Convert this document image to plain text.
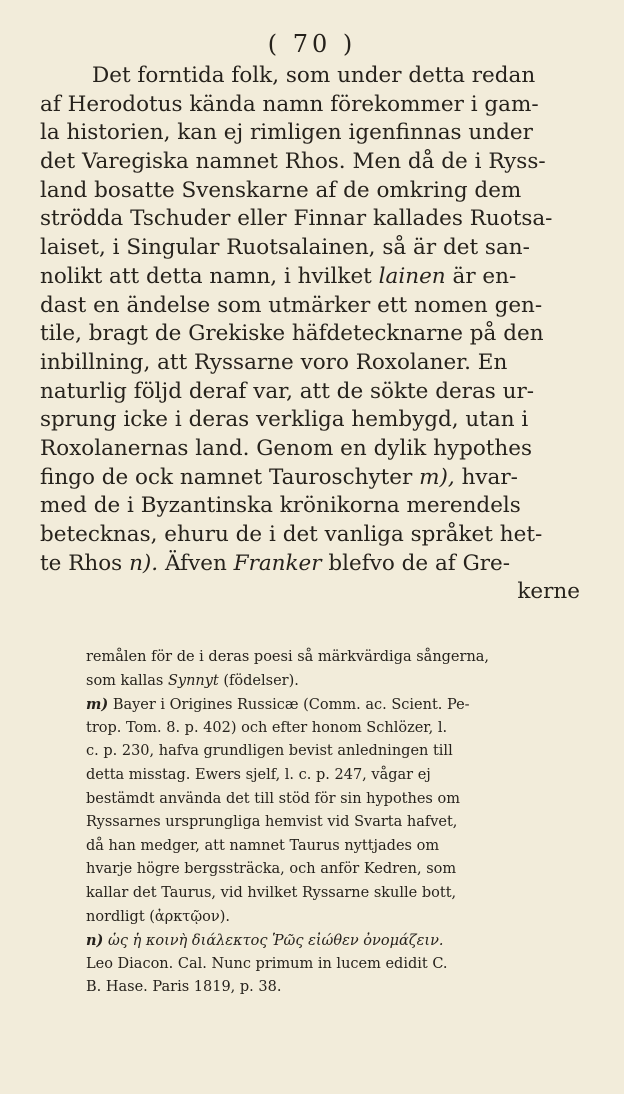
( 70 )
Det forntida folk, som under detta redan
af Herodotus kända namn förekommer i gam-
la historien, kan ej rimligen igenfinnas under
det Varegiska namnet Rhos. Men då de i Ryss-
land bosatte Svenskarne af de omkring dem
strödda Tschuder eller Finnar kallades Ruotsa-
laiset, i Singular Ruotsalainen, så är det san-
nolikt att detta namn, i hvilket lainen är en-
dast en ändelse som utmärker ett nomen gen-
tile, bragt de Grekiske häfdetecknarne på den
inbillning, att Ryssarne voro Roxolaner. En
naturlig följd deraf var, att de sökte deras ur-
sprung icke i deras verkliga hembygd, utan i
Roxolanernas land. Genom en dylik hypothes
fingo de ock namnet Tauroschyter m), hvar-
med de i Byzantinska krönikorna merendels
betecknas, ehuru de i det vanliga språket het-
te Rhos n). Äfven Franker blefvo de af Gre-
kerne
remålen för de i deras poesi så märkvärdiga sångerna,
som kallas Synnyt (födelser).
m) Bayer i Origines Russicæ (Comm. ac. Scient. Pe-
trop. Tom. 8. p. 402) och efter honom Schlözer, l.
c. p. 230, hafva grundligen bevist anledningen till
detta misstag. Ewers sjelf, l. c. p. 247, vågar ej
bestämdt använda det till stöd för sin hypothes om
Ryssarnes ursprungliga hemvist vid Svarta hafvet,
då han medger, att namnet Taurus nyttjades om
hvarje högre bergssträcka, och anför Kedren, som
kallar det Taurus, vid hvilket Ryssarne skulle bott,
nordligt (ἀρκτῷον).
n) ὡς ἡ κοινὴ διάλεκτος Ῥῶς εἰώθεν ὀνομάζειν.
Leo Diacon. Cal. Nunc primum in lucem edidit C.
B. Hase. Paris 1819, p. 38.
